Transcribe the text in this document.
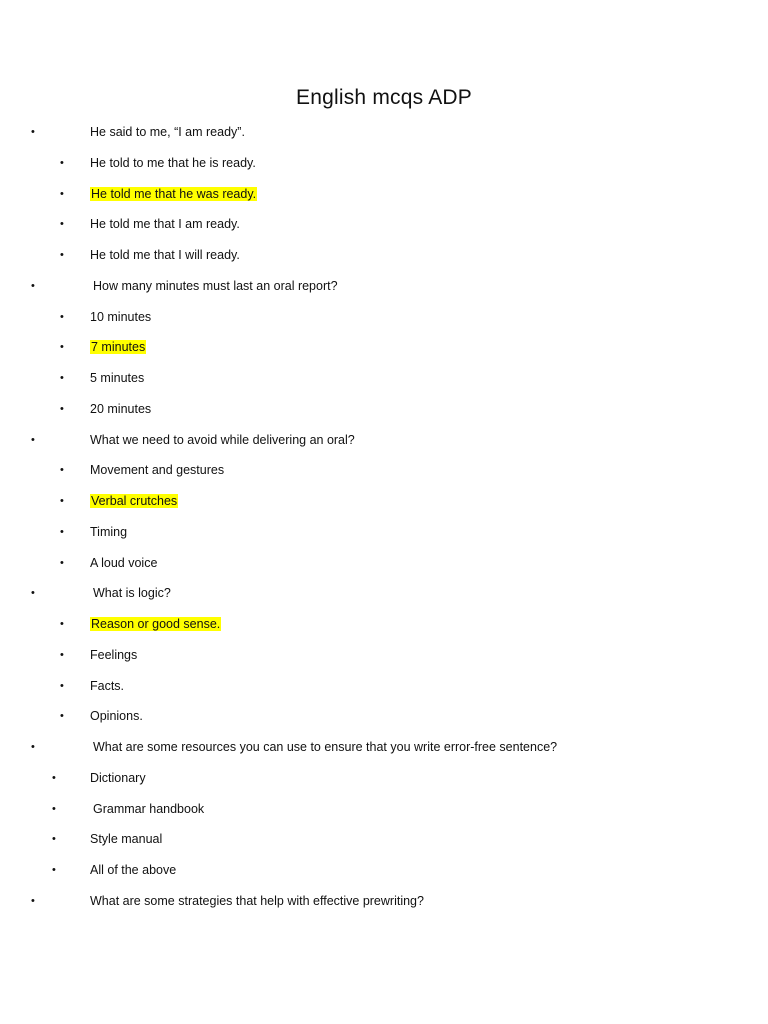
English mcqs ADP
•	He said to me, “I am ready”.
• He told to me that he is ready.
• He told me that he was ready.
• He told me that I am ready.
• He told me that I will ready.
•	How many minutes must last an oral report?
• 10 minutes
• 7 minutes
• 5 minutes
• 20 minutes
•	What we need to avoid while delivering an oral?
• Movement and gestures
• Verbal crutches
• Timing
• A loud voice
•	What is logic?
• Reason or good sense.
• Feelings
• Facts.
• Opinions.
•	What are some resources you can use to ensure that you write error-free sentence?
•	Dictionary
•	Grammar handbook
•	Style manual
•	All of the above
•	What are some strategies that help with effective prewriting?
